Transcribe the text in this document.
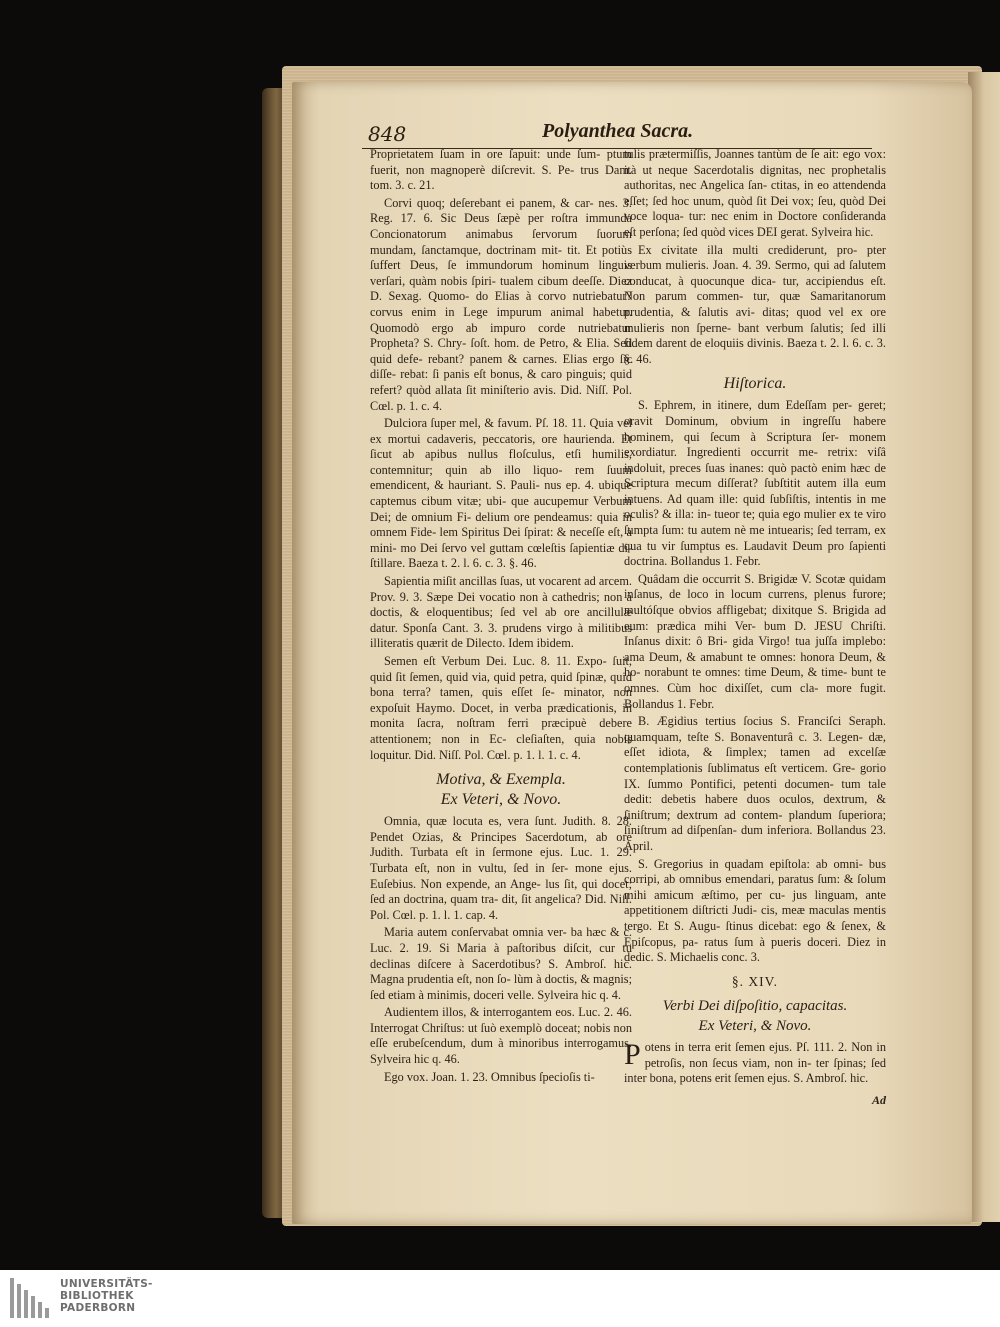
848	Polyanthea Sacra.

Proprietatem ſuam in ore ſapuit: unde ſum- ptum fuerit, non magnoperè diſcrevit. S. Pe- trus Dam. tom. 3. c. 21.

Corvi quoq; deſerebant ei panem, & car- nes. 3. Reg. 17. 6. Sic Deus ſæpè per roſtra immunda Concionatorum animabus ſervorum ſuorum mundam, ſanctamque, doctrinam mit- tit. Et potiùs ſuffert Deus, ſe immundorum hominum linguis verſari, quàm nobis ſpiri- tualem cibum deeſſe. Diez D. Sexag. Quomo- do Elias à corvo nutriebatur? corvus enim in Lege impurum animal habetur. Quomodò ergo ab impuro corde nutriebatur Propheta? S. Chry- ſoſt. hom. de Petro, & Elia. Sed quid defe- rebant? panem & carnes. Elias ergo ſic diſſe- rebat: ſi panis eſt bonus, & caro pinguis; quid refert? quòd allata ſit miniſterio avis. Did. Niſſ. Pol. Cœl. p. 1. c. 4.

Dulciora ſuper mel, & favum. Pſ. 18. 11. Quia vel ex mortui cadaveris, peccatoris, ore hauriendа. Et ſicut ab apibus nullus floſculus, etſi humilis, contemnitur; quin ab illo liquo- rem ſuum emendicent, & hauriant. S. Pauli- nus ep. 4. ubique captemus cibum vitæ; ubi- que aucupemur Verbum Dei; de omnium Fi- delium ore pendeamus: quia in omnem Fide- lem Spiritus Dei ſpirat: & neceſſe eſt, à mini- mo Dei ſervo vel guttam cœleſtis ſapientiæ di- ſtillare. Baeza t. 2. l. 6. c. 3. §. 46.

Sapientia miſit ancillas ſuas, ut vocarent ad arcem. Prov. 9. 3. Sæpe Dei vocatio non à cathedris; non à doctis, & eloquentibus; ſed vel ab ore ancillulæ datur. Sponſa Cant. 3. 3. prudens virgo à militibus illiteratis quærit de Dilecto. Idem ibidem.

Semen eſt Verbum Dei. Luc. 8. 11. Expo- ſuit, quid ſit ſemen, quid via, quid petra, quid ſpinæ, quid bona terra? tamen, quis eſſet ſe- minator, non expoſuit Haymo. Docet, in verba prædicationis, in monita ſacra, noſtram ferri præcipuè debere attentionem; non in Ec- cleſiaſten, quia nobis loquitur. Did. Niſſ. Pol. Cœl. p. 1. l. 1. c. 4.

Motiva, & Exempla.
Ex Veteri, & Novo.

Omnia, quæ locuta es, vera ſunt. Judith. 8. 28. Pendet Ozias, & Principes Sacerdotum, ab ore Judith. Turbata eſt in ſermone ejus. Luc. 1. 29. Turbata eſt, non in vultu, ſed in ſer- mone ejus. Euſebius. Non expende, an Ange- lus ſit, qui docet; ſed an doctrina, quam tra- dit, ſit angelica? Did. Niſſ. Pol. Cœl. p. 1. l. 1. cap. 4.

Maria autem conſervabat omnia ver- ba hæc & c. Luc. 2. 19. Si Maria à paſtoribus diſcit, cur tu declinas diſcere à Sacerdotibus? S. Ambroſ. hic. Magna prudentia eſt, non ſo- lùm à doctis, & magnis; ſed etiam à minimis, doceri velle. Sylveira hic q. 4.

Audientem illos, & interrogantem eos. Luc. 2. 46. Interrogat Chriſtus: ut ſuò exemplò doceat; nobis non eſſe erubeſcendum, dum à minoribus interrogamus. Sylveira hic q. 46.

Ego vox. Joan. 1. 23. Omnibus ſpecioſis ti-

tulis prætermiſſis, Joannes tantùm de ſe ait: ego vox: ità ut neque Sacerdotalis dignitas, nec prophetalis authoritas, nec Angelica ſan- ctitas, in eo attendenda eſſet; ſed hoc unum, quòd ſit Dei vox; ſeu, quòd Dei voce loqua- tur: nec enim in Doctore conſideranda eſt perſona; ſed quòd vices DEI gerat. Sylveira hic.

Ex civitate illa multi crediderunt, pro- pter verbum mulieris. Joan. 4. 39. Sermo, qui ad ſalutem conducat, à quocunque dica- tur, accipiendus eſt. Non parum commen- tur, quæ Samaritanorum prudentia, & ſalutis avi- ditas; quod vel ex ore mulieris non ſperne- bant verbum ſalutis; ſed illi fidem darent de eloquiis divinis. Baeza t. 2. l. 6. c. 3. §. 46.

Hiſtorica.

S. Ephrem, in itinere, dum Edeſſam per- geret; oravit Dominum, obvium in ingreſſu habere hominem, qui ſecum à Scriptura ſer- monem exordiatur. Ingredienti occurrit me- retrix: viſâ indoluit, preces ſuas inanes: quò pactò enim hæc de Scriptura mecum diſſerat? ſubſtitit autem illa eum intuens. Ad quam ille: quid ſubſiſtis, intentis in me oculis? & illa: in- tueor te; quia ego mulier ex te viro ſumpta ſum: tu autem nè me intuearis; ſed terram, ex qua tu vir ſumptus es. Laudavit Deum pro ſapienti doctrina. Bollandus 1. Febr.

Quâdam die occurrit S. Brigidæ V. Scotæ quidam inſanus, de loco in locum currens, plenus furore; multóſque obvios affligebat; dixitque S. Brigida ad eum: prædica mihi Ver- bum D. JESU Chriſti. Inſanus dixit: ô Bri- gida Virgo! tua juſſa implebo: ama Deum, & amabunt te omnes: honora Deum, & ho- norabunt te omnes: time Deum, & time- bunt te omnes. Cùm hoc dixiſſet, cum cla- more fugit. Bollandus 1. Febr.

B. Ægidius tertius ſocius S. Franciſci Seraph. quamquam, teſte S. Bonaventurâ c. 3. Legen- dæ, eſſet idiota, & ſimplex; tamen ad excelſæ contemplationis ſublimatus eſt verticem. Gre- gorio IX. ſummo Pontifici, petenti documen- tum tale dedit: debetis habere duos oculos, dextrum, & ſiniſtrum; dextrum ad contem- plandum ſuperiora; ſiniſtrum ad diſpenſan- dum inferiora. Bollandus 23. April.

S. Gregorius in quadam epiſtola: ab omni- bus corripi, ab omnibus emendari, paratus ſum: & ſolum mihi amicum æſtimo, per cu- jus linguam, ante appetitionem diſtricti Judi- cis, meæ maculas mentis tergo. Et S. Augu- ſtinus dicebat: ego & ſenex, & Epiſcopus, pa- ratus ſum à pueris doceri. Diez in dedic. S. Michaelis conc. 3.

§. XIV.
Verbi Dei diſpoſitio, capacitas.
Ex Veteri, & Novo.

Potens in terra erit ſemen ejus. Pſ. 111. 2. Non in petroſis, non ſecus viam, non in- ter ſpinas; ſed inter bona, potens erit ſemen ejus. S. Ambroſ. hic.

Ad
UNIVERSITÄTS-
BIBLIOTHEK
PADERBORN
